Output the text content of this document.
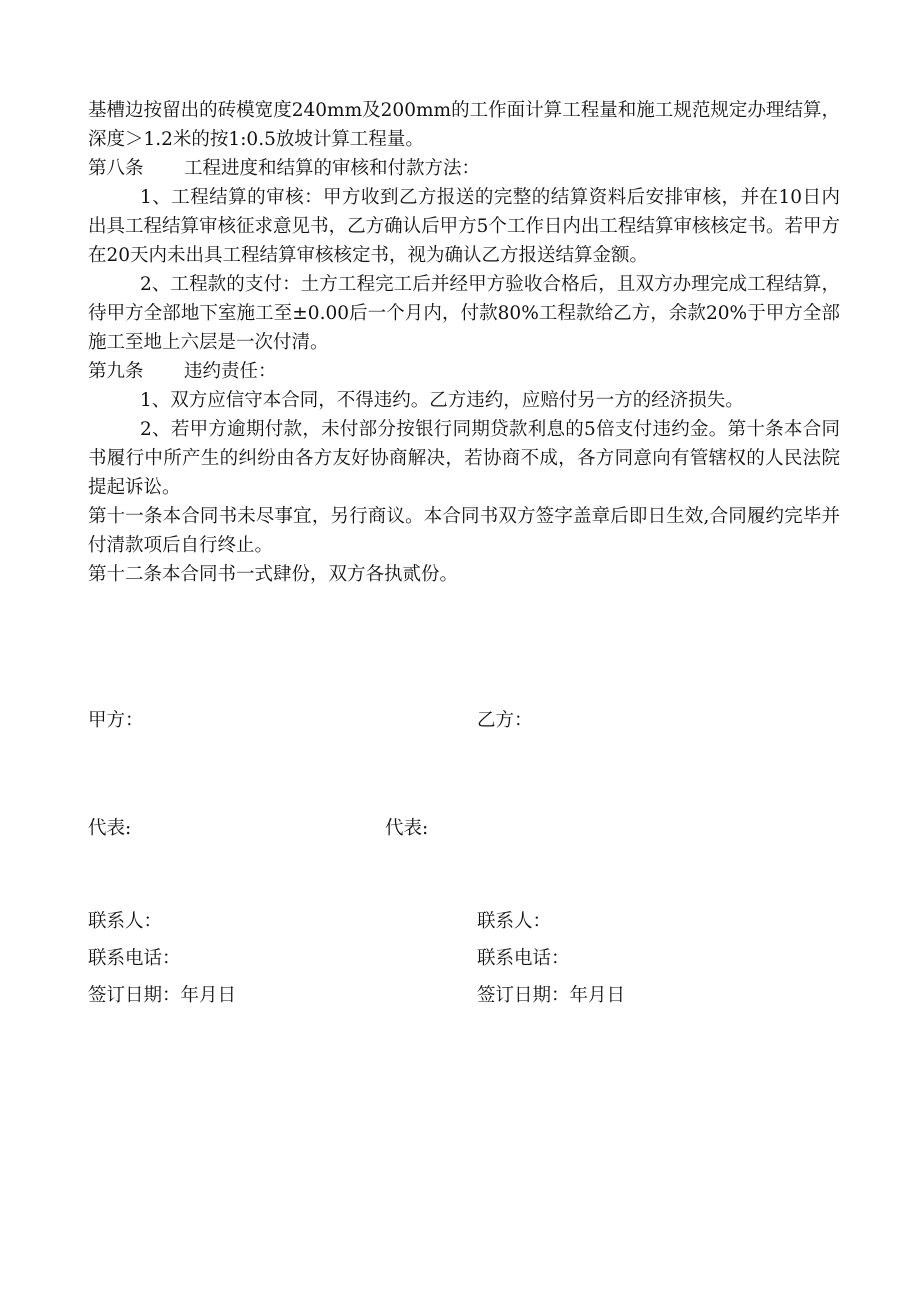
基槽边按留出的砖模宽度240mm及200mm的工作面计算工程量和施工规范规定办理结算，深度＞1.2米的按1:0.5放坡计算工程量。

第八条	工程进度和结算的审核和付款方法：

1、工程结算的审核：甲方收到乙方报送的完整的结算资料后安排审核，并在10日内出具工程结算审核征求意见书，乙方确认后甲方5个工作日内出工程结算审核核定书。若甲方在20天内未出具工程结算审核核定书，视为确认乙方报送结算金额。

2、工程款的支付：土方工程完工后并经甲方验收合格后，且双方办理完成工程结算，待甲方全部地下室施工至±0.00后一个月内，付款80%工程款给乙方，余款20%于甲方全部施工至地上六层是一次付清。

第九条	违约责任：

1、双方应信守本合同，不得违约。乙方违约，应赔付另一方的经济损失。

2、若甲方逾期付款，未付部分按银行同期贷款利息的5倍支付违约金。第十条本合同书履行中所产生的纠纷由各方友好协商解决，若协商不成，各方同意向有管辖权的人民法院提起诉讼。

第十一条本合同书未尽事宜，另行商议。本合同书双方签字盖章后即日生效,合同履约完毕并付清款项后自行终止。

第十二条本合同书一式肆份，双方各执贰份。

甲方：	乙方：
代表:	代表:
联系人：	联系人：
联系电话：	联系电话：
签订日期：年月日	签订日期：年月日
